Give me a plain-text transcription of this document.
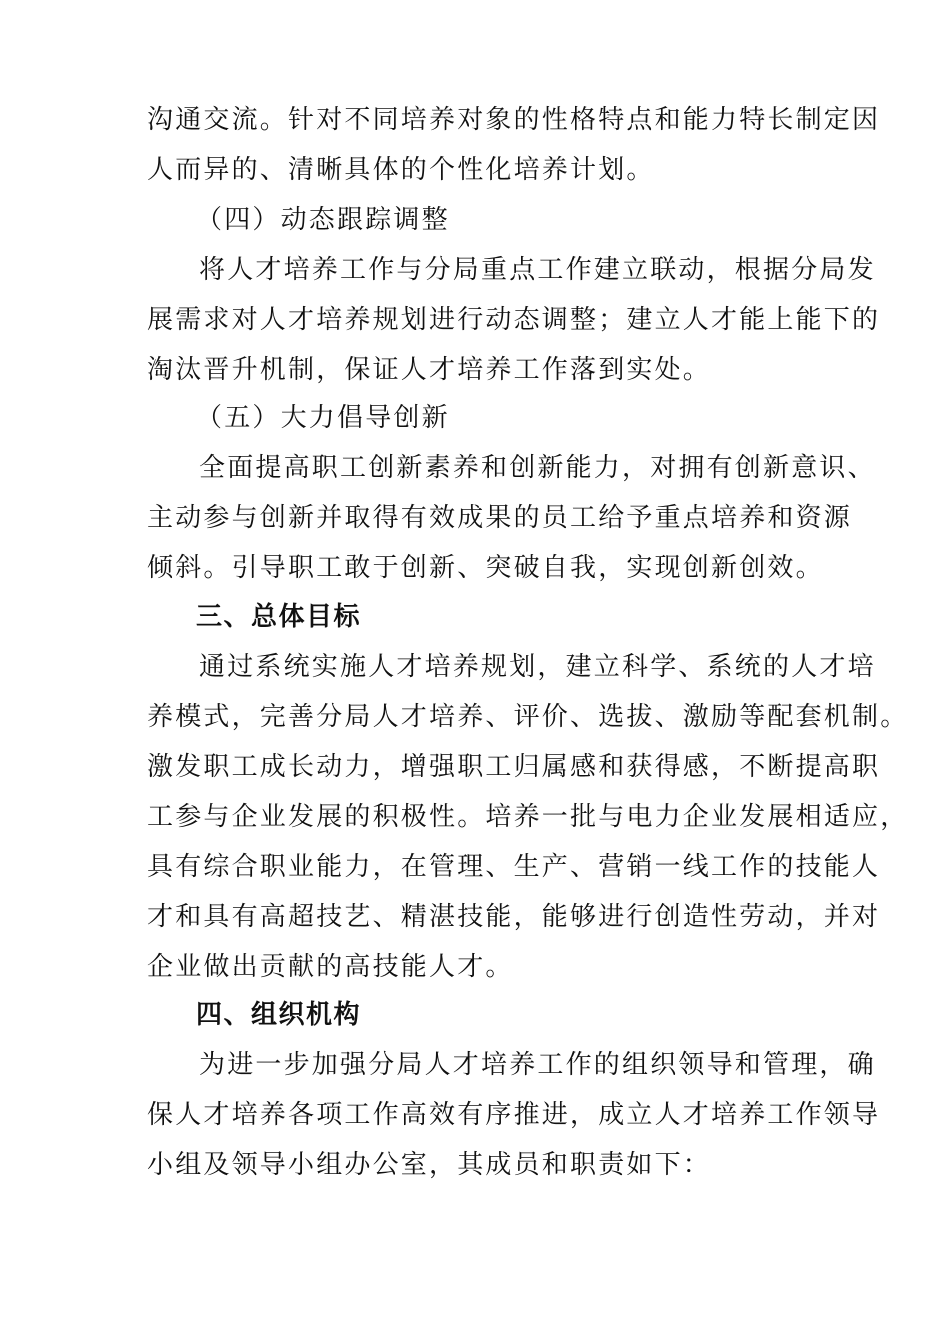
沟通交流。针对不同培养对象的性格特点和能力特长制定因
人而异的、清晰具体的个性化培养计划。
（四）动态跟踪调整
将人才培养工作与分局重点工作建立联动，根据分局发
展需求对人才培养规划进行动态调整；建立人才能上能下的
淘汰晋升机制，保证人才培养工作落到实处。
（五）大力倡导创新
全面提高职工创新素养和创新能力，对拥有创新意识、
主动参与创新并取得有效成果的员工给予重点培养和资源
倾斜。引导职工敢于创新、突破自我，实现创新创效。
三、总体目标
通过系统实施人才培养规划，建立科学、系统的人才培
养模式，完善分局人才培养、评价、选拔、激励等配套机制。
激发职工成长动力，增强职工归属感和获得感，不断提高职
工参与企业发展的积极性。培养一批与电力企业发展相适应，
具有综合职业能力，在管理、生产、营销一线工作的技能人
才和具有高超技艺、精湛技能，能够进行创造性劳动，并对
企业做出贡献的高技能人才。
四、组织机构
为进一步加强分局人才培养工作的组织领导和管理，确
保人才培养各项工作高效有序推进，成立人才培养工作领导
小组及领导小组办公室，其成员和职责如下：
